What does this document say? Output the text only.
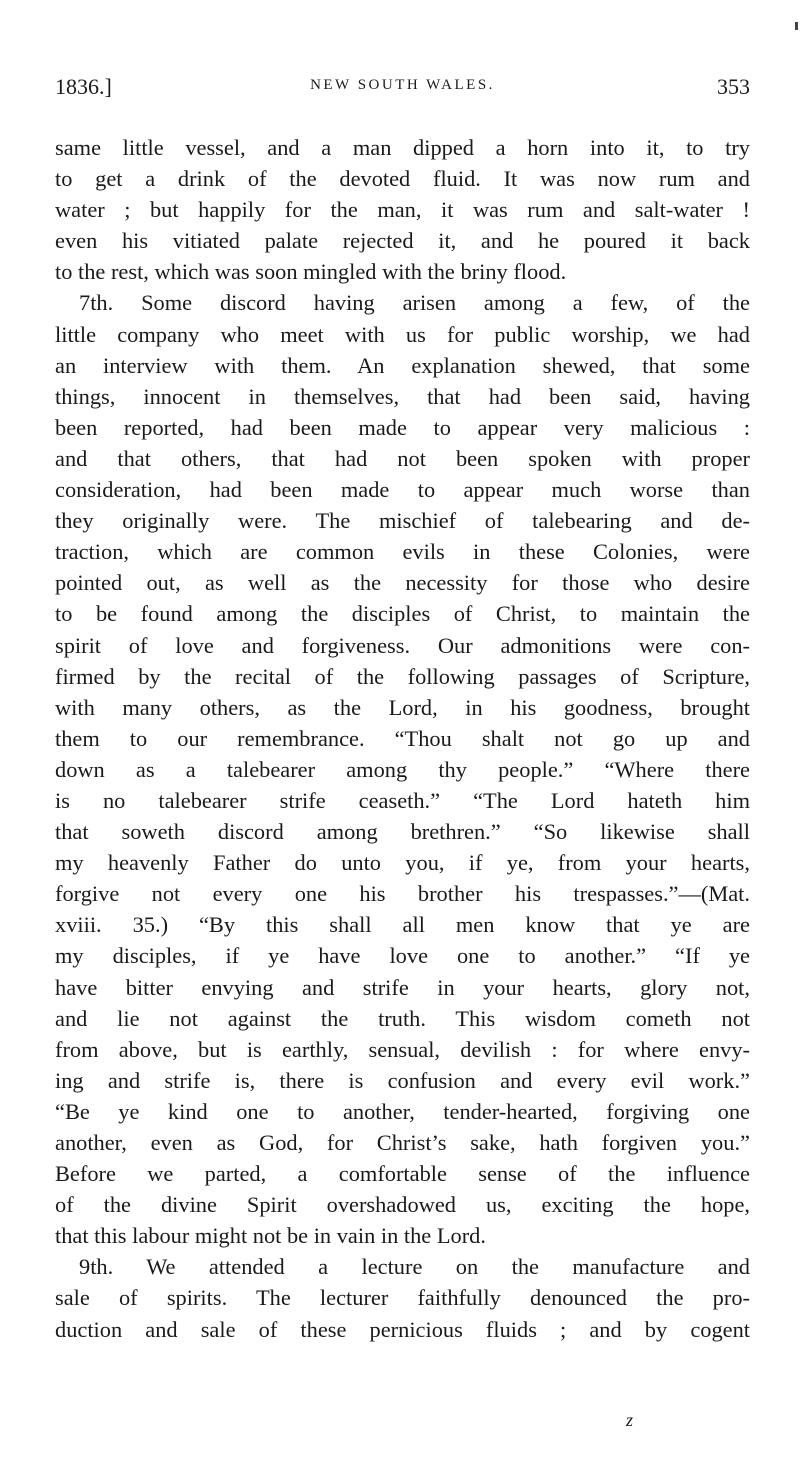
1836.]	NEW SOUTH WALES.	353
same little vessel, and a man dipped a horn into it, to try
to get a drink of the devoted fluid. It was now rum and
water ; but happily for the man, it was rum and salt-water !
even his vitiated palate rejected it, and he poured it back
to the rest, which was soon mingled with the briny flood.
7th. Some discord having arisen among a few, of the
little company who meet with us for public worship, we had
an interview with them. An explanation shewed, that some
things, innocent in themselves, that had been said, having
been reported, had been made to appear very malicious :
and that others, that had not been spoken with proper
consideration, had been made to appear much worse than
they originally were. The mischief of talebearing and de-
traction, which are common evils in these Colonies, were
pointed out, as well as the necessity for those who desire
to be found among the disciples of Christ, to maintain the
spirit of love and forgiveness. Our admonitions were con-
firmed by the recital of the following passages of Scripture,
with many others, as the Lord, in his goodness, brought
them to our remembrance. “Thou shalt not go up and
down as a talebearer among thy people.” “Where there
is no talebearer strife ceaseth.” “The Lord hateth him
that soweth discord among brethren.” “So likewise shall
my heavenly Father do unto you, if ye, from your hearts,
forgive not every one his brother his trespasses.”—(Mat.
xviii. 35.) “By this shall all men know that ye are
my disciples, if ye have love one to another.” “If ye
have bitter envying and strife in your hearts, glory not,
and lie not against the truth. This wisdom cometh not
from above, but is earthly, sensual, devilish : for where envy-
ing and strife is, there is confusion and every evil work.”
“Be ye kind one to another, tender-hearted, forgiving one
another, even as God, for Christ’s sake, hath forgiven you.”
Before we parted, a comfortable sense of the influence
of the divine Spirit overshadowed us, exciting the hope,
that this labour might not be in vain in the Lord.
9th. We attended a lecture on the manufacture and
sale of spirits. The lecturer faithfully denounced the pro-
duction and sale of these pernicious fluids ; and by cogent
z
